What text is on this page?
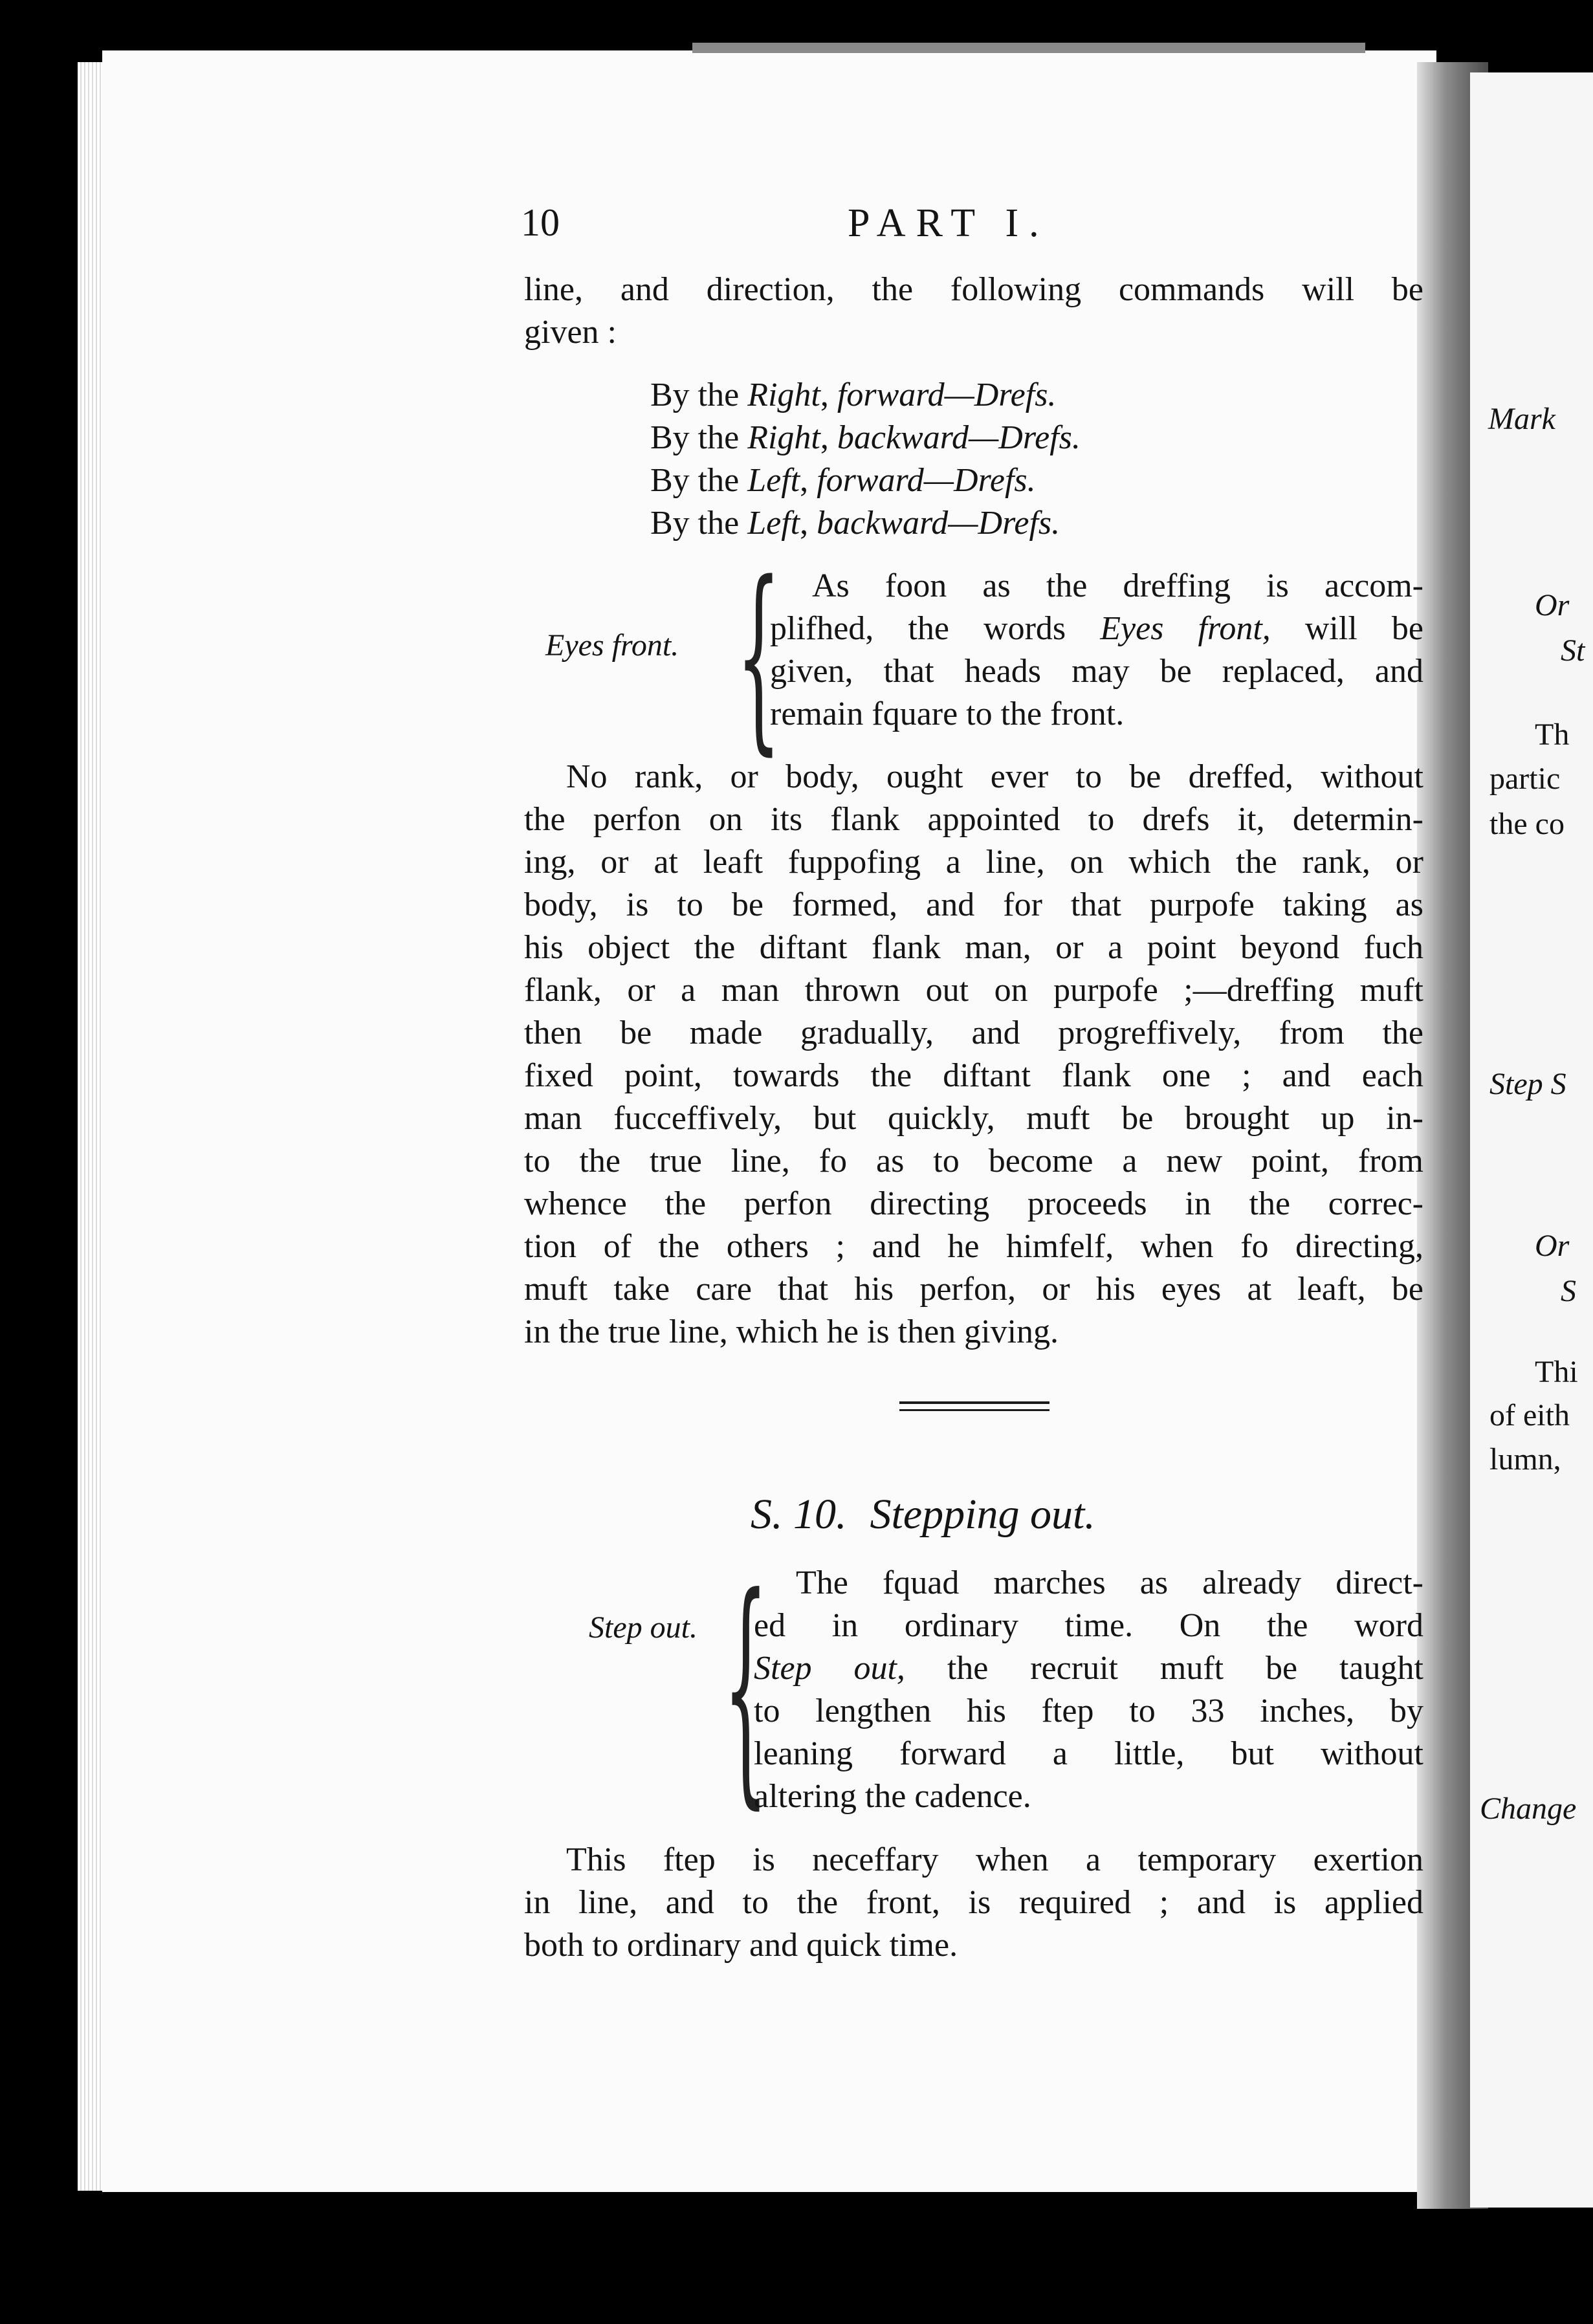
Mark
Or
St
Th
partic
the co
Step S
Or
S
Thi
of eith
lumn,
Change
10	PART I.
line, and direction, the following commands will be
given :
By the Right, forward—Drefs.
By the Right, backward—Drefs.
By the Left, forward—Drefs.
By the Left, backward—Drefs.
Eyes front. { As foon as the dreffing is accom-
plifhed, the words Eyes front, will be
given, that heads may be replaced, and
remain fquare to the front.
No rank, or body, ought ever to be dreffed, without
the perfon on its flank appointed to drefs it, determin-
ing, or at leaft fuppofing a line, on which the rank, or
body, is to be formed, and for that purpofe taking as
his object the diftant flank man, or a point beyond fuch
flank, or a man thrown out on purpofe ;—dreffing muft
then be made gradually, and progreffively, from the
fixed point, towards the diftant flank one ; and each
man fucceffively, but quickly, muft be brought up in-
to the true line, fo as to become a new point, from
whence the perfon directing proceeds in the correc-
tion of the others ; and he himfelf, when fo directing,
muft take care that his perfon, or his eyes at leaft, be
in the true line, which he is then giving.
S. 10. Stepping out.
Step out. { The fquad marches as already direct-
ed in ordinary time. On the word
Step out, the recruit muft be taught
to lengthen his ftep to 33 inches, by
leaning forward a little, but without
altering the cadence.
This ftep is neceffary when a temporary exertion
in line, and to the front, is required ; and is applied
both to ordinary and quick time.
